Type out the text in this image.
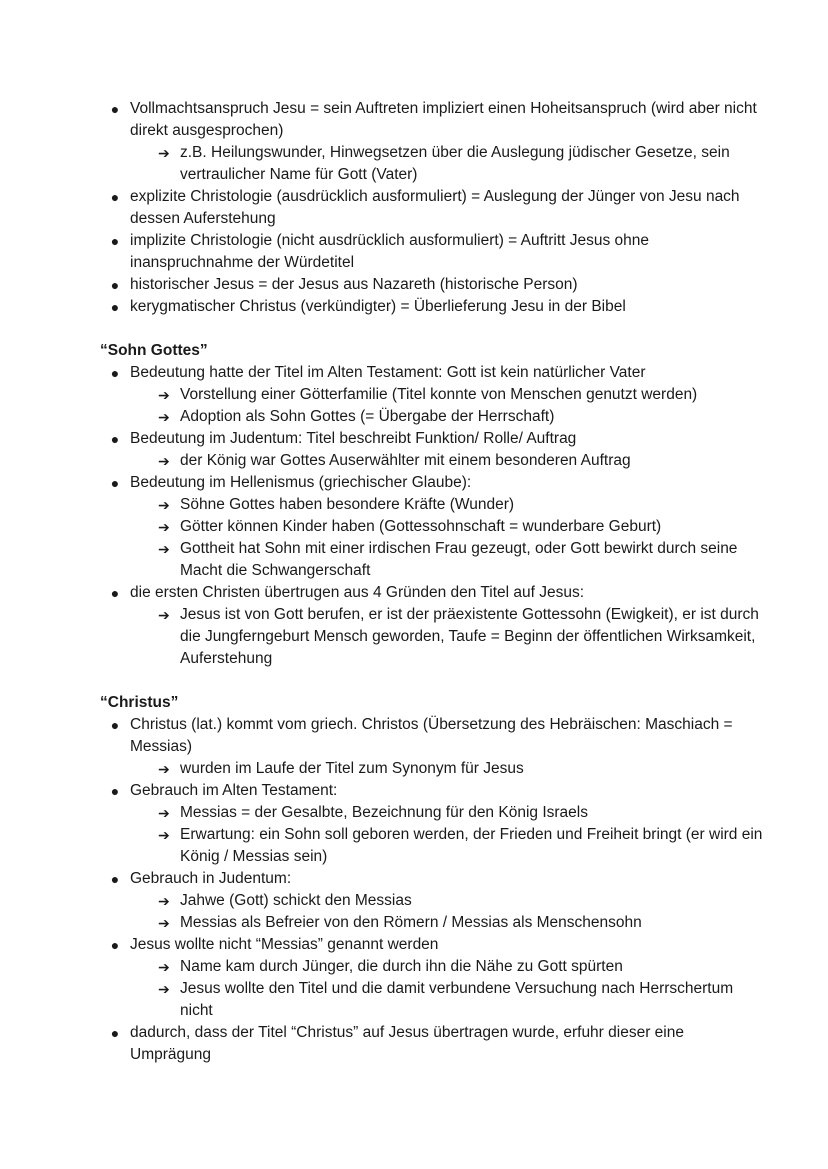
● Vollmachtsanspruch Jesu = sein Auftreten impliziert einen Hoheitsanspruch (wird aber nicht direkt ausgesprochen)
➔ z.B. Heilungswunder, Hinwegsetzen über die Auslegung jüdischer Gesetze, sein vertraulicher Name für Gott (Vater)
● explizite Christologie (ausdrücklich ausformuliert) = Auslegung der Jünger von Jesu nach dessen Auferstehung
● implizite Christologie (nicht ausdrücklich ausformuliert) = Auftritt Jesus ohne inanspruchnahme der Würdetitel
● historischer Jesus = der Jesus aus Nazareth (historische Person)
● kerygmatischer Christus (verkündigter) = Überlieferung Jesu in der Bibel
“Sohn Gottes”
● Bedeutung hatte der Titel im Alten Testament: Gott ist kein natürlicher Vater
➔ Vorstellung einer Götterfamilie (Titel konnte von Menschen genutzt werden)
➔ Adoption als Sohn Gottes (= Übergabe der Herrschaft)
● Bedeutung im Judentum: Titel beschreibt Funktion/ Rolle/ Auftrag
➔ der König war Gottes Auserwählter mit einem besonderen Auftrag
● Bedeutung im Hellenismus (griechischer Glaube):
➔ Söhne Gottes haben besondere Kräfte (Wunder)
➔ Götter können Kinder haben (Gottessohnschaft = wunderbare Geburt)
➔ Gottheit hat Sohn mit einer irdischen Frau gezeugt, oder Gott bewirkt durch seine Macht die Schwangerschaft
● die ersten Christen übertrugen aus 4 Gründen den Titel auf Jesus:
➔ Jesus ist von Gott berufen, er ist der präexistente Gottessohn (Ewigkeit), er ist durch die Jungferngeburt Mensch geworden, Taufe = Beginn der öffentlichen Wirksamkeit, Auferstehung
“Christus”
● Christus (lat.) kommt vom griech. Christos (Übersetzung des Hebräischen: Maschiach = Messias)
➔ wurden im Laufe der Titel zum Synonym für Jesus
● Gebrauch im Alten Testament:
➔ Messias = der Gesalbte, Bezeichnung für den König Israels
➔ Erwartung: ein Sohn soll geboren werden, der Frieden und Freiheit bringt (er wird ein König / Messias sein)
● Gebrauch in Judentum:
➔ Jahwe (Gott) schickt den Messias
➔ Messias als Befreier von den Römern / Messias als Menschensohn
● Jesus wollte nicht “Messias” genannt werden
➔ Name kam durch Jünger, die durch ihn die Nähe zu Gott spürten
➔ Jesus wollte den Titel und die damit verbundene Versuchung nach Herrschertum nicht
● dadurch, dass der Titel “Christus” auf Jesus übertragen wurde, erfuhr dieser eine Umprägung
